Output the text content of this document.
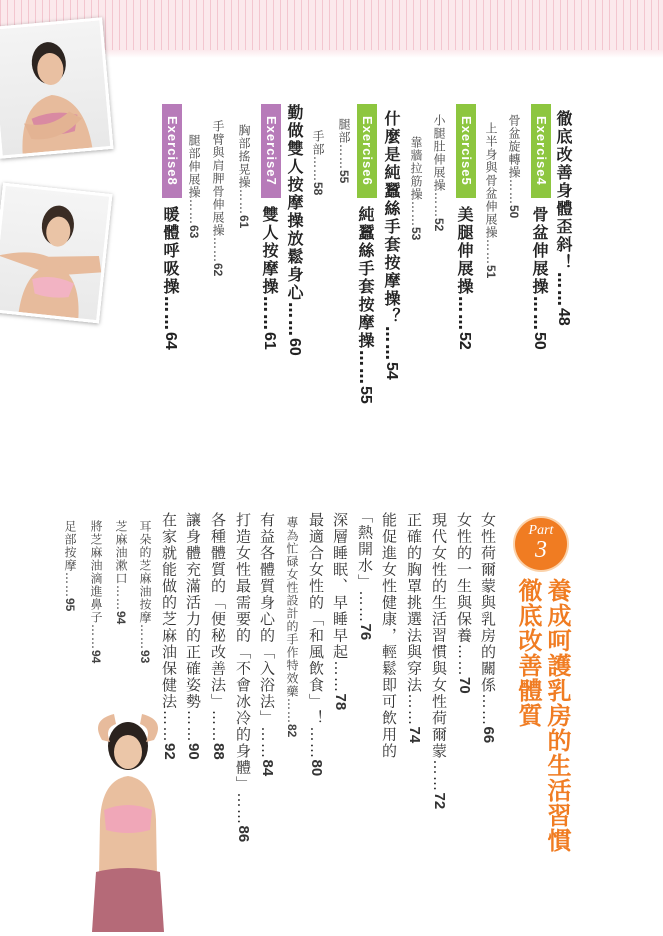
徹底改善身體歪斜！……48
Exercise4
骨盆伸展操……50
骨盆旋轉操……50
上半身與骨盆伸展操……51
Exercise5
美腿伸展操……52
小腿肚伸展操……52
靠牆拉筋操……53
什麼是純蠶絲手套按摩操？……54
Exercise6
純蠶絲手套按摩操……55
腿部……55
手部……58
勤做雙人按摩操放鬆身心……60
Exercise7
雙人按摩操……61
胸部搖晃操……61
手臂與肩胛骨伸展操……62
腿部伸展操……63
Exercise8
暖體呼吸操……64
Part
3
養成呵護乳房的生活習慣
徹底改善體質
女性荷爾蒙與乳房的關係……66
女性的一生與保養……70
現代女性的生活習慣與女性荷爾蒙……72
正確的胸罩挑選法與穿法……74
能促進女性健康，輕鬆即可飲用的
「熱開水」……76
深層睡眠、早睡早起……78
最適合女性的「和風飲食」！……80
專為忙碌女性設計的手作特效藥……82
有益各體質身心的「入浴法」……84
打造女性最需要的「不會冰冷的身體」……86
各種體質的「便秘改善法」……88
讓身體充滿活力的正確姿勢……90
在家就能做的芝麻油保健法……92
耳朵的芝麻油按摩……93
芝麻油漱口……94
將芝麻油滴進鼻子……94
足部按摩……95
